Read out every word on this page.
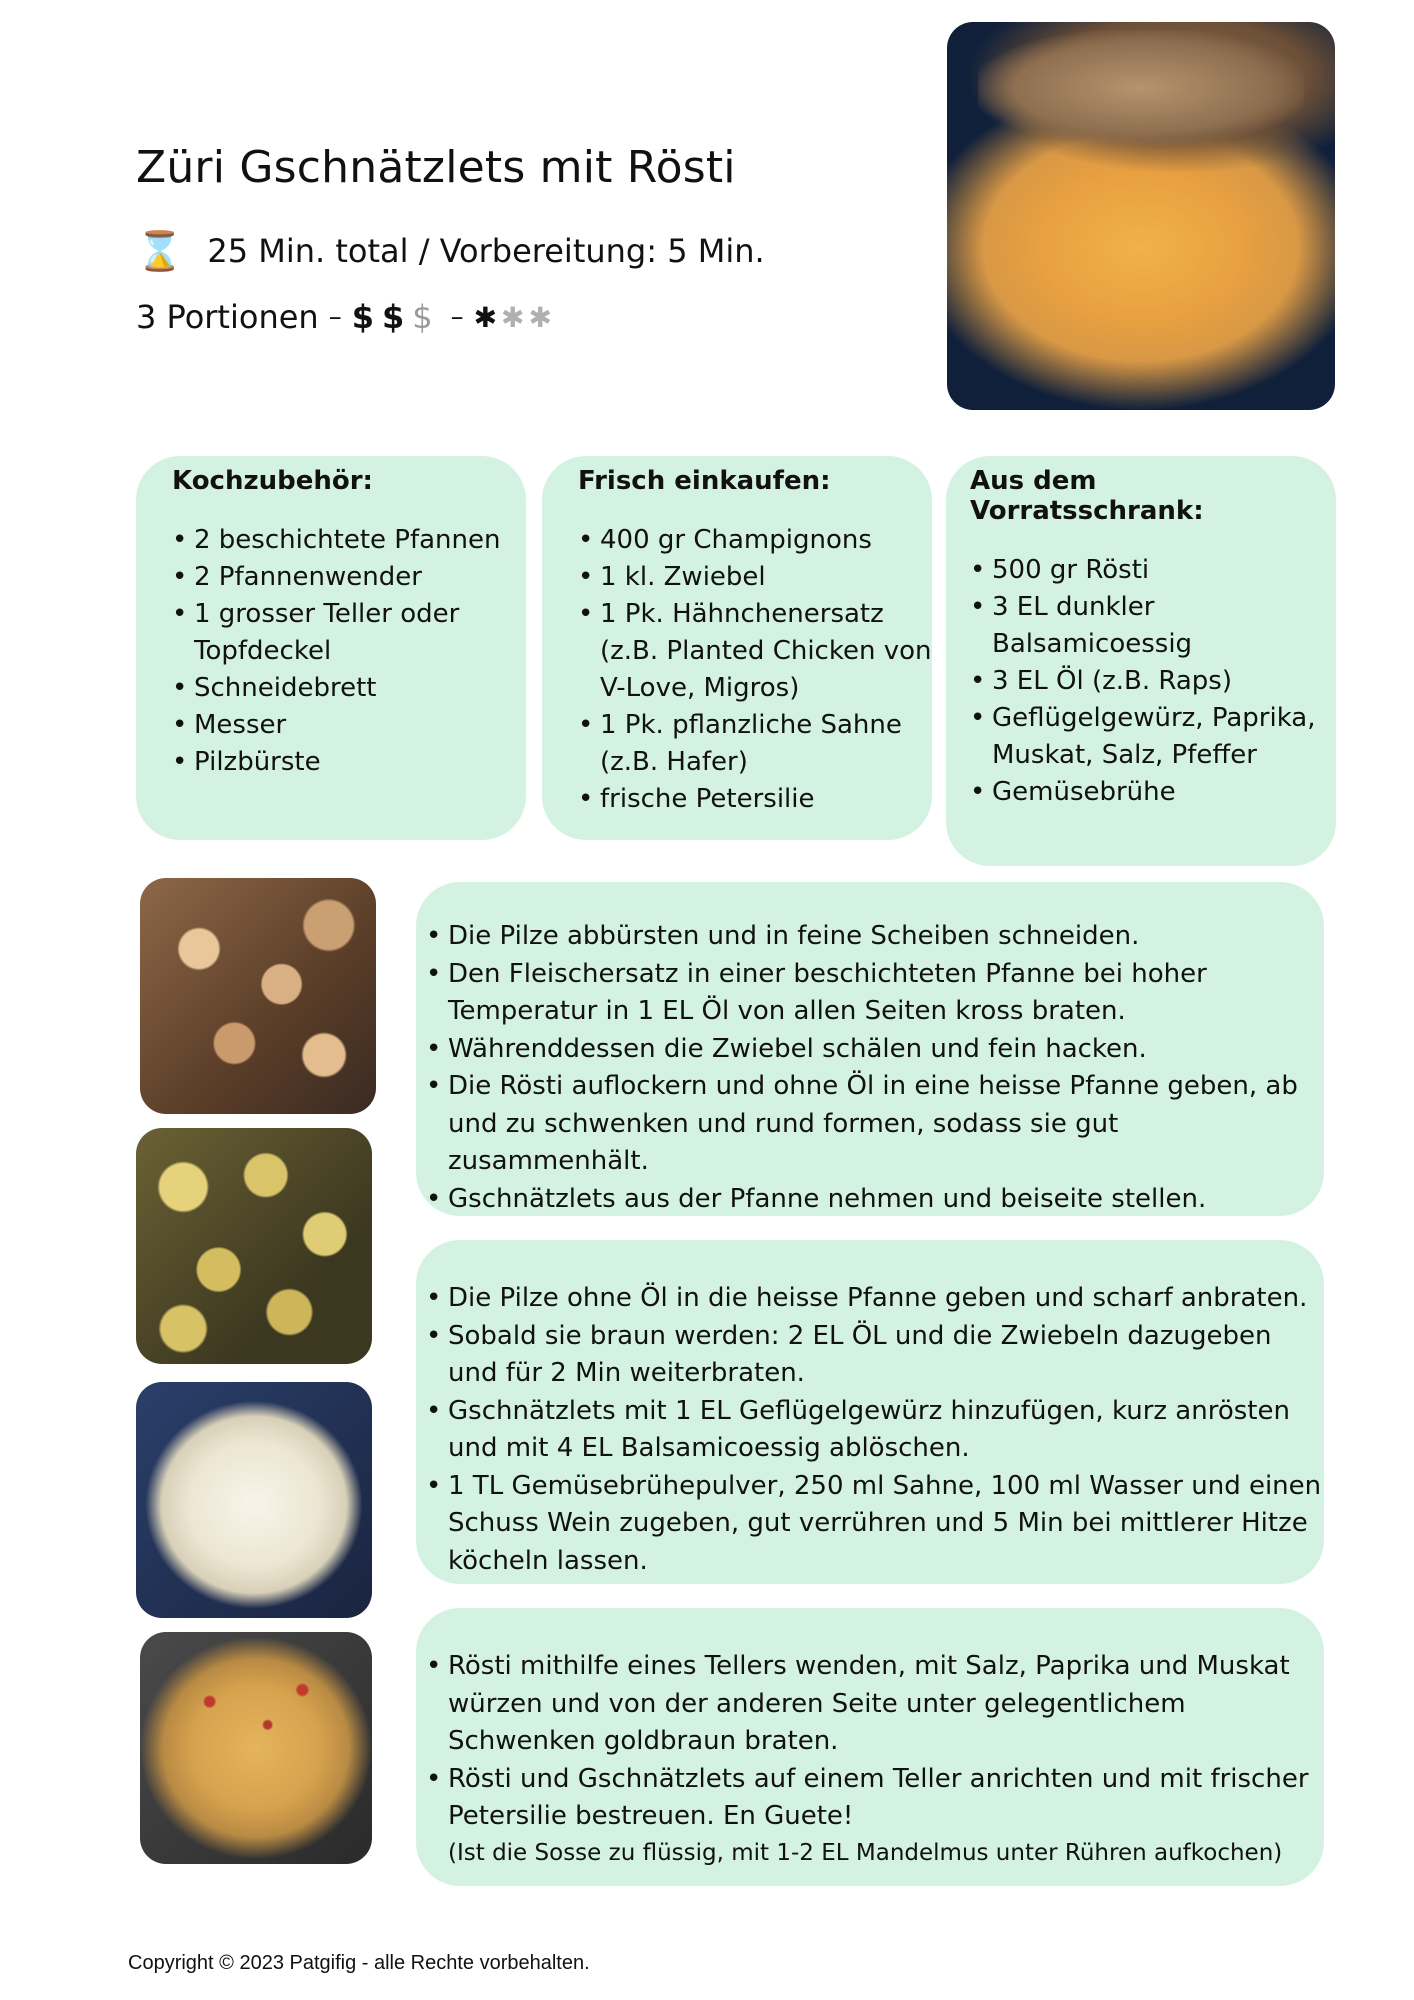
Züri Gschnätzlets mit Rösti
⌛ 25 Min. total / Vorbereitung: 5 Min.
3 Portionen – $ $ $ – ✱ ✱ ✱
Kochzubehör:
• 2 beschichtete Pfannen
• 2 Pfannenwender
• 1 grosser Teller oder Topfdeckel
• Schneidebrett
• Messer
• Pilzbürste
Frisch einkaufen:
• 400 gr Champignons
• 1 kl. Zwiebel
• 1 Pk. Hähnchenersatz (z.B. Planted Chicken von V-Love, Migros)
• 1 Pk. pflanzliche Sahne (z.B. Hafer)
• frische Petersilie
Aus dem Vorratsschrank:
• 500 gr Rösti
• 3 EL dunkler Balsamicoessig
• 3 EL Öl (z.B. Raps)
• Geflügelgewürz, Paprika, Muskat, Salz, Pfeffer
• Gemüsebrühe
• Die Pilze abbürsten und in feine Scheiben schneiden.
• Den Fleischersatz in einer beschichteten Pfanne bei hoher Temperatur in 1 EL Öl von allen Seiten kross braten.
• Währenddessen die Zwiebel schälen und fein hacken.
• Die Rösti auflockern und ohne Öl in eine heisse Pfanne geben, ab und zu schwenken und rund formen, sodass sie gut zusammenhält.
• Gschnätzlets aus der Pfanne nehmen und beiseite stellen.
• Die Pilze ohne Öl in die heisse Pfanne geben und scharf anbraten.
• Sobald sie braun werden: 2 EL ÖL und die Zwiebeln dazugeben und für 2 Min weiterbraten.
• Gschnätzlets mit 1 EL Geflügelgewürz hinzufügen, kurz anrösten und mit 4 EL Balsamicoessig ablöschen.
• 1 TL Gemüsebrühepulver, 250 ml Sahne, 100 ml Wasser und einen Schuss Wein zugeben, gut verrühren und 5 Min bei mittlerer Hitze köcheln lassen.
• Rösti mithilfe eines Tellers wenden, mit Salz, Paprika und Muskat würzen und von der anderen Seite unter gelegentlichem Schwenken goldbraun braten.
• Rösti und Gschnätzlets auf einem Teller anrichten und mit frischer Petersilie bestreuen. En Guete!
(Ist die Sosse zu flüssig, mit 1-2 EL Mandelmus unter Rühren aufkochen)
Copyright © 2023 Patgifig - alle Rechte vorbehalten.
